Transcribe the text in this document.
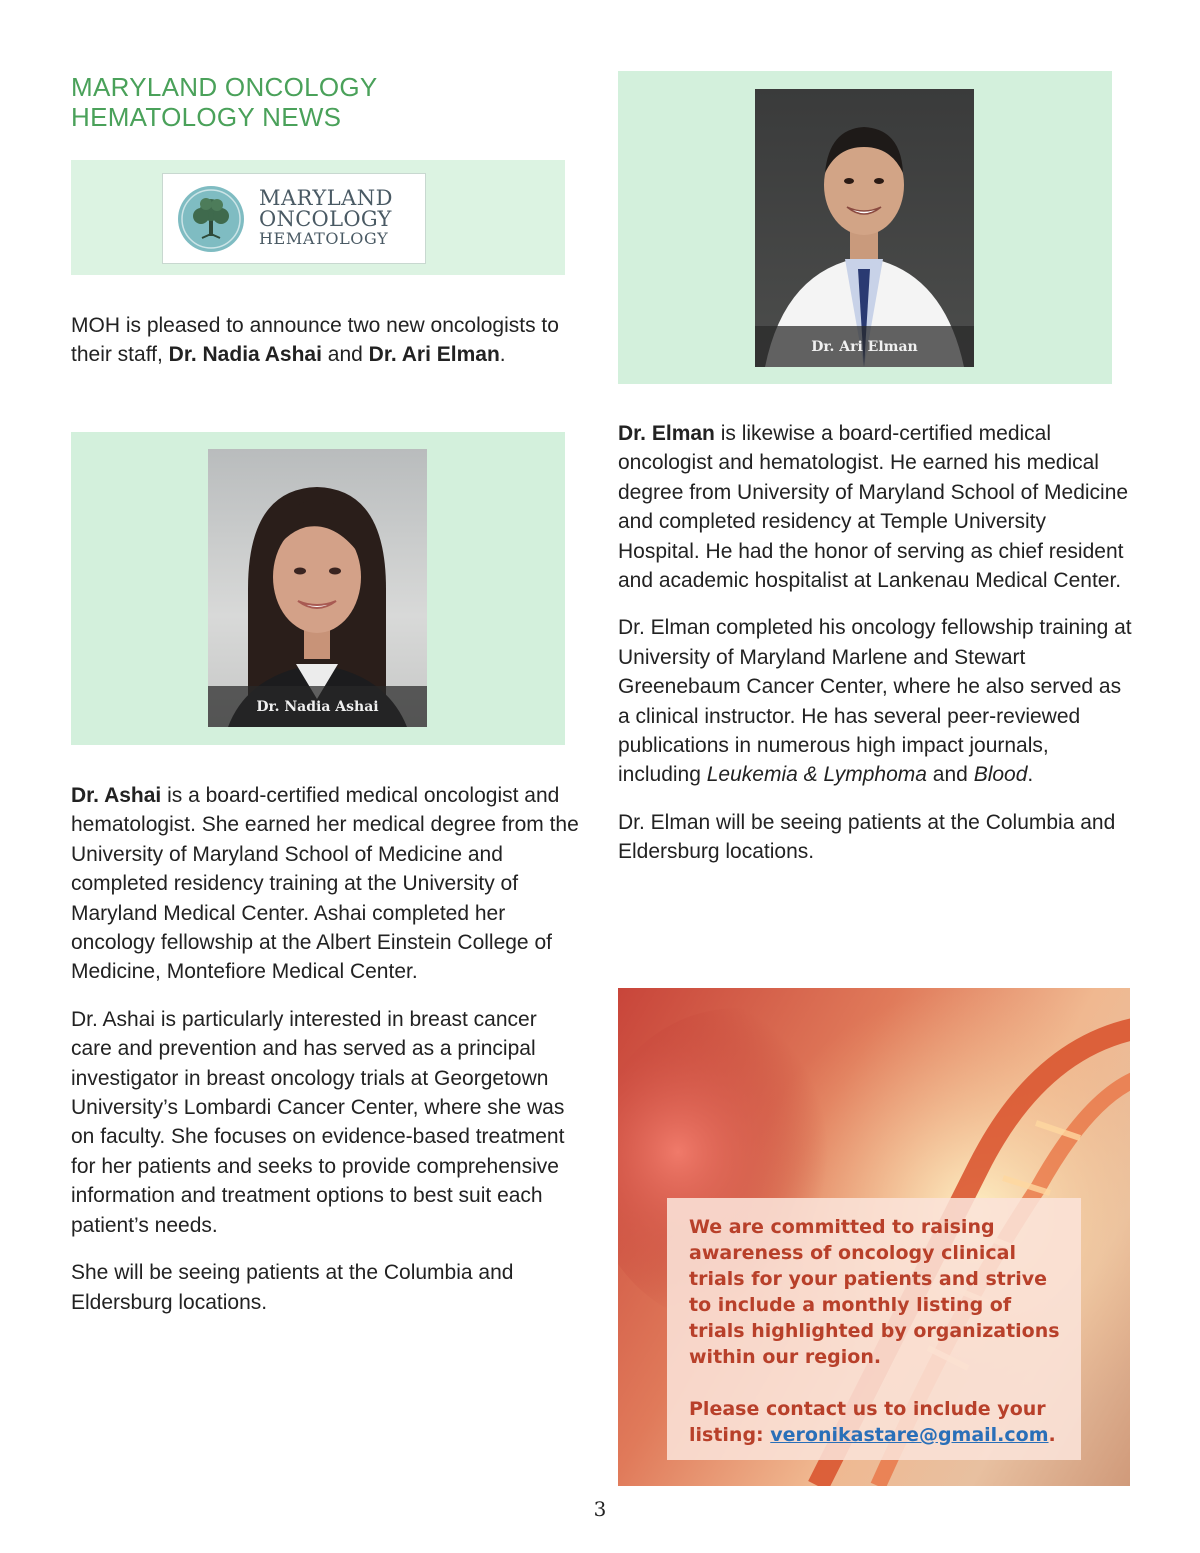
MARYLAND ONCOLOGY
HEMATOLOGY NEWS
MARYLAND
ONCOLOGY
HEMATOLOGY
MOH is pleased to announce two new oncologists to their staff, Dr. Nadia Ashai and Dr. Ari Elman.
Dr. Nadia Ashai
Dr. Ari Elman

Dr. Ashai is a board-certified medical oncologist and hematologist. She earned her medical degree from the University of Maryland School of Medicine and completed residency training at the University of Maryland Medical Center. Ashai completed her oncology fellowship at the Albert Einstein College of Medicine, Montefiore Medical Center.

Dr. Ashai is particularly interested in breast cancer care and prevention and has served as a principal investigator in breast oncology trials at Georgetown University’s Lombardi Cancer Center, where she was on faculty. She focuses on evidence-based treatment for her patients and seeks to provide comprehensive information and treatment options to best suit each patient’s needs.

She will be seeing patients at the Columbia and Eldersburg locations.

Dr. Elman is likewise a board-certified medical oncologist and hematologist. He earned his medical degree from University of Maryland School of Medicine and completed residency at Temple University Hospital. He had the honor of serving as chief resident and academic hospitalist at Lankenau Medical Center.

Dr. Elman completed his oncology fellowship training at University of Maryland Marlene and Stewart Greenebaum Cancer Center, where he also served as a clinical instructor. He has several peer-reviewed publications in numerous high impact journals, including Leukemia & Lymphoma and Blood.

Dr. Elman will be seeing patients at the Columbia and Eldersburg locations.

We are committed to raising awareness of oncology clinical trials for your patients and strive to include a monthly listing of trials highlighted by organizations within our region.

Please contact us to include your listing: veronikastare@gmail.com.

3
